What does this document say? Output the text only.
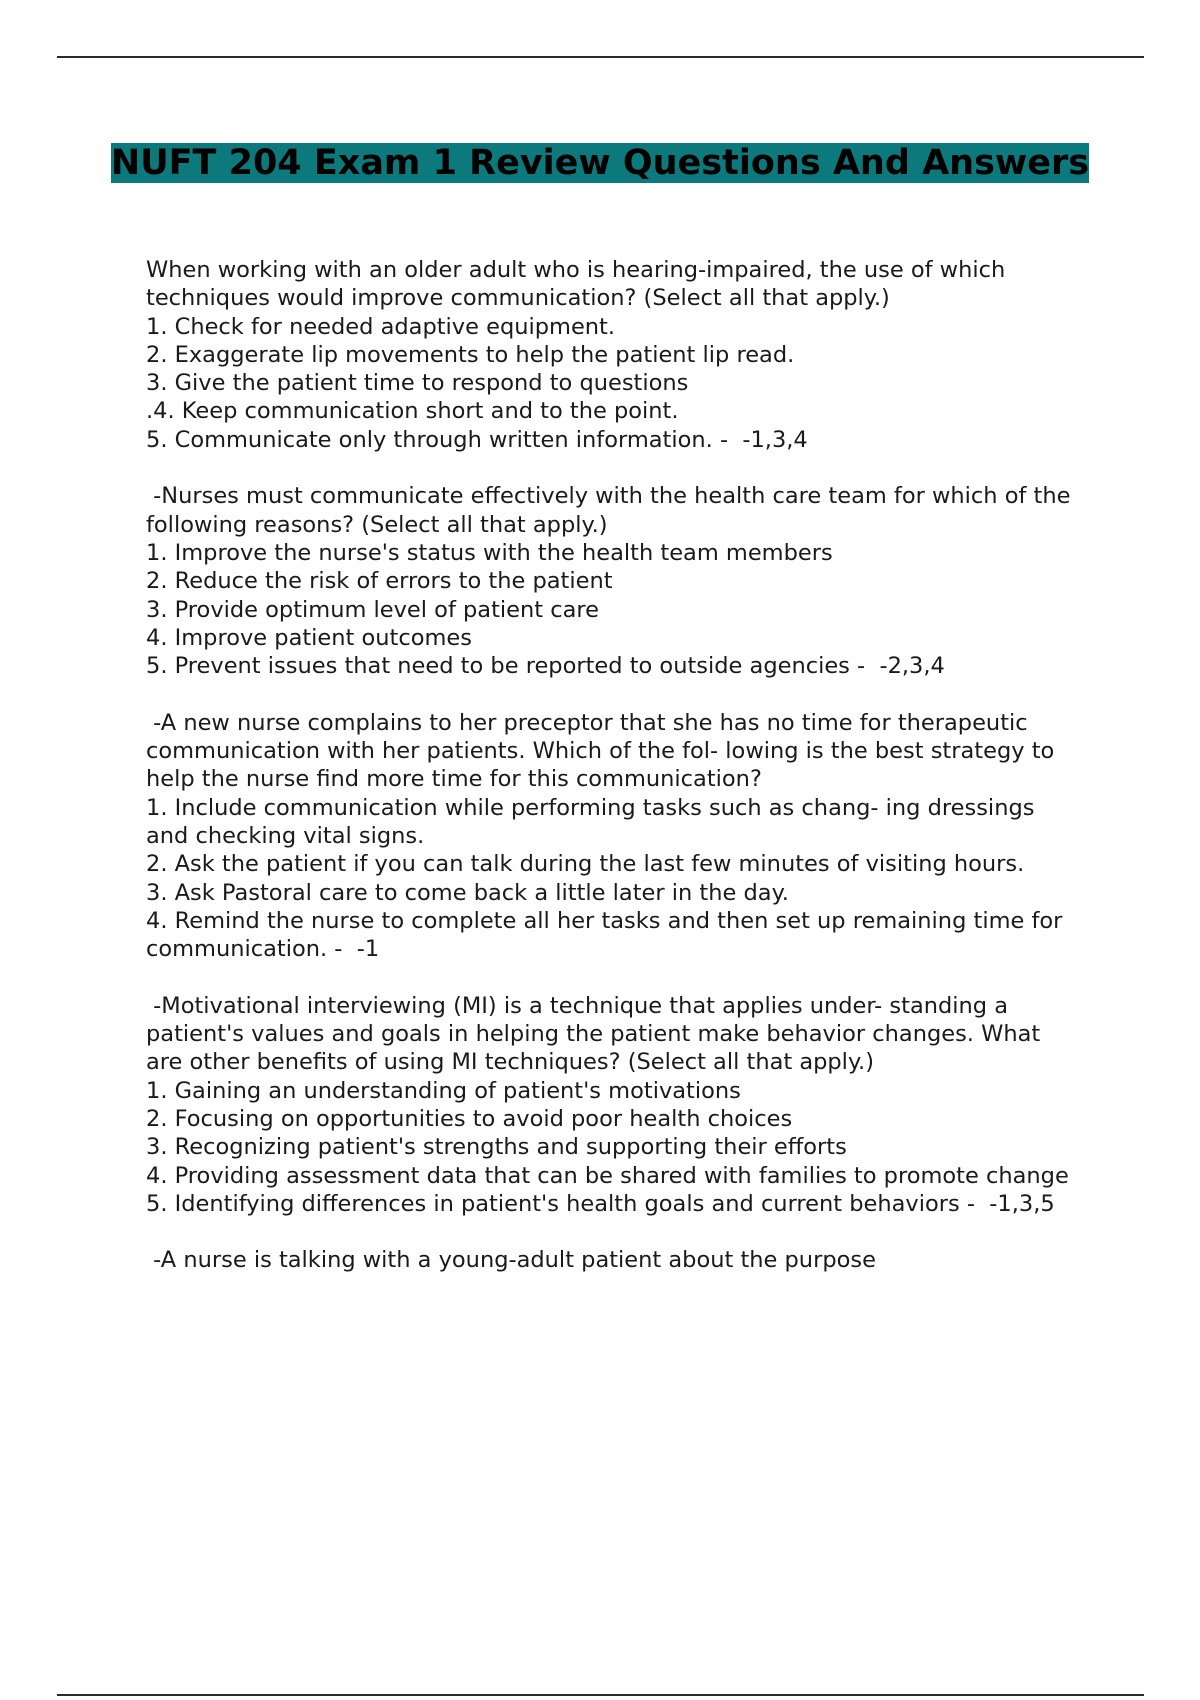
NUFT 204 Exam 1 Review Questions And Answers
When working with an older adult who is hearing-impaired, the use of which techniques would improve communication? (Select all that apply.)
1. Check for needed adaptive equipment.
2. Exaggerate lip movements to help the patient lip read.
3. Give the patient time to respond to questions
.4. Keep communication short and to the point.
5. Communicate only through written information. -  -1,3,4
-Nurses must communicate effectively with the health care team for which of the following reasons? (Select all that apply.)
1. Improve the nurse's status with the health team members
2. Reduce the risk of errors to the patient
3. Provide optimum level of patient care
4. Improve patient outcomes
5. Prevent issues that need to be reported to outside agencies -  -2,3,4
-A new nurse complains to her preceptor that she has no time for therapeutic communication with her patients. Which of the fol- lowing is the best strategy to help the nurse find more time for this communication?
1. Include communication while performing tasks such as chang- ing dressings and checking vital signs.
2. Ask the patient if you can talk during the last few minutes of visiting hours.
3. Ask Pastoral care to come back a little later in the day.
4. Remind the nurse to complete all her tasks and then set up remaining time for communication. -  -1
-Motivational interviewing (MI) is a technique that applies under- standing a patient's values and goals in helping the patient make behavior changes. What are other benefits of using MI techniques? (Select all that apply.)
1. Gaining an understanding of patient's motivations
2. Focusing on opportunities to avoid poor health choices
3. Recognizing patient's strengths and supporting their efforts
4. Providing assessment data that can be shared with families to promote change
5. Identifying differences in patient's health goals and current behaviors -  -1,3,5
-A nurse is talking with a young-adult patient about the purpose
